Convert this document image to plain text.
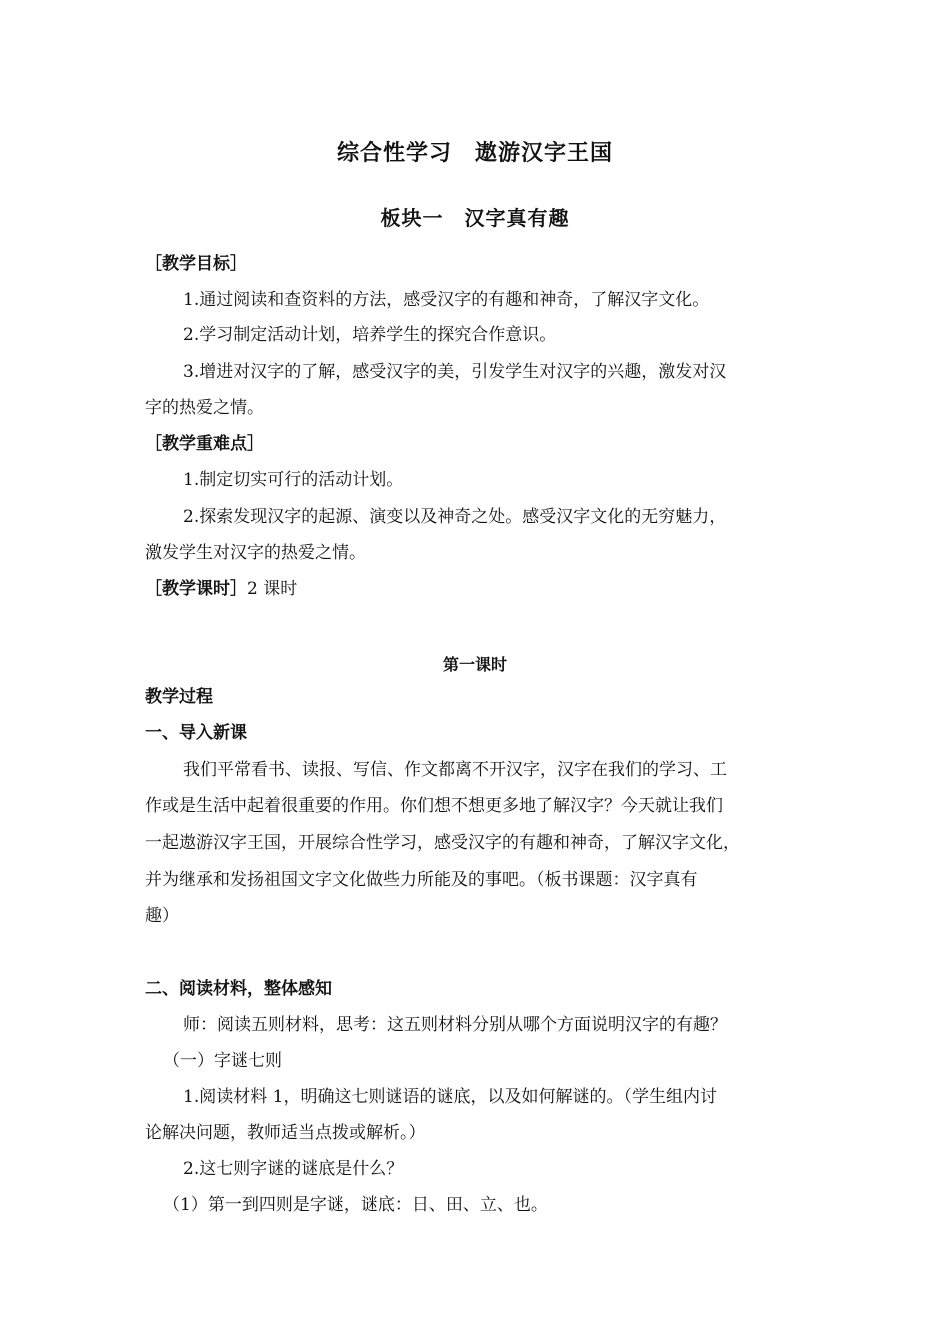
综合性学习　遨游汉字王国
板块一　汉字真有趣
［教学目标］
1.通过阅读和查资料的方法，感受汉字的有趣和神奇，了解汉字文化。
2.学习制定活动计划，培养学生的探究合作意识。
3.增进对汉字的了解，感受汉字的美，引发学生对汉字的兴趣，激发对汉
字的热爱之情。
［教学重难点］
1.制定切实可行的活动计划。
2.探索发现汉字的起源、演变以及神奇之处。感受汉字文化的无穷魅力，
激发学生对汉字的热爱之情。
［教学课时］2 课时
第一课时
教学过程
一、导入新课
我们平常看书、读报、写信、作文都离不开汉字，汉字在我们的学习、工
作或是生活中起着很重要的作用。你们想不想更多地了解汉字？今天就让我们
一起遨游汉字王国，开展综合性学习，感受汉字的有趣和神奇，了解汉字文化，
并为继承和发扬祖国文字文化做些力所能及的事吧。（板书课题：汉字真有
趣）
二、阅读材料，整体感知
师：阅读五则材料，思考：这五则材料分别从哪个方面说明汉字的有趣？
（一）字谜七则
1.阅读材料 1，明确这七则谜语的谜底，以及如何解谜的。（学生组内讨
论解决问题，教师适当点拨或解析。）
2.这七则字谜的谜底是什么？
（1）第一到四则是字谜，谜底：日、田、立、也。
